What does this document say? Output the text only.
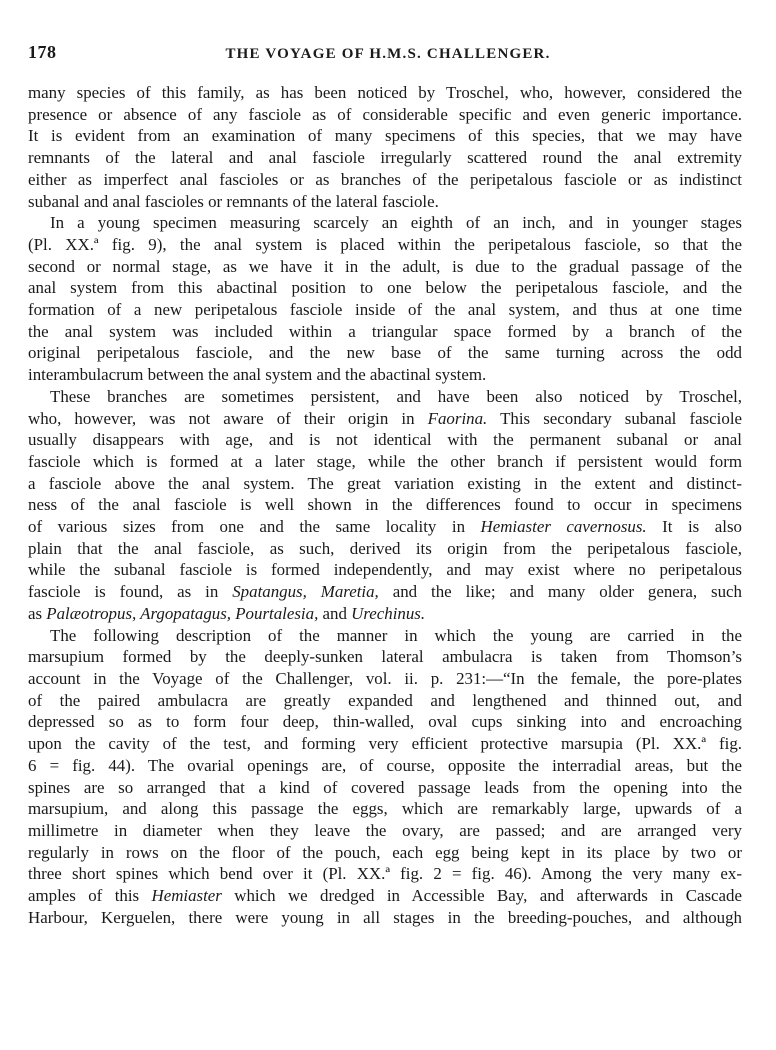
178	THE VOYAGE OF H.M.S. CHALLENGER.
many species of this family, as has been noticed by Troschel, who, however, considered the
presence or absence of any fasciole as of considerable specific and even generic importance.
It is evident from an examination of many specimens of this species, that we may have
remnants of the lateral and anal fasciole irregularly scattered round the anal extremity
either as imperfect anal fascioles or as branches of the peripetalous fasciole or as indistinct
subanal and anal fascioles or remnants of the lateral fasciole.
In a young specimen measuring scarcely an eighth of an inch, and in younger stages
(Pl. XX.ª fig. 9), the anal system is placed within the peripetalous fasciole, so that the
second or normal stage, as we have it in the adult, is due to the gradual passage of the
anal system from this abactinal position to one below the peripetalous fasciole, and the
formation of a new peripetalous fasciole inside of the anal system, and thus at one time
the anal system was included within a triangular space formed by a branch of the
original peripetalous fasciole, and the new base of the same turning across the odd
interambulacrum between the anal system and the abactinal system.
These branches are sometimes persistent, and have been also noticed by Troschel,
who, however, was not aware of their origin in Faorina. This secondary subanal fasciole
usually disappears with age, and is not identical with the permanent subanal or anal
fasciole which is formed at a later stage, while the other branch if persistent would form
a fasciole above the anal system. The great variation existing in the extent and distinct-
ness of the anal fasciole is well shown in the differences found to occur in specimens
of various sizes from one and the same locality in Hemiaster cavernosus. It is also
plain that the anal fasciole, as such, derived its origin from the peripetalous fasciole,
while the subanal fasciole is formed independently, and may exist where no peripetalous
fasciole is found, as in Spatangus, Maretia, and the like; and many older genera, such
as Palæotropus, Argopatagus, Pourtalesia, and Urechinus.
The following description of the manner in which the young are carried in the
marsupium formed by the deeply-sunken lateral ambulacra is taken from Thomson’s
account in the Voyage of the Challenger, vol. ii. p. 231:—“In the female, the pore-plates
of the paired ambulacra are greatly expanded and lengthened and thinned out, and
depressed so as to form four deep, thin-walled, oval cups sinking into and encroaching
upon the cavity of the test, and forming very efficient protective marsupia (Pl. XX.ª fig.
6 = fig. 44). The ovarial openings are, of course, opposite the interradial areas, but the
spines are so arranged that a kind of covered passage leads from the opening into the
marsupium, and along this passage the eggs, which are remarkably large, upwards of a
millimetre in diameter when they leave the ovary, are passed; and are arranged very
regularly in rows on the floor of the pouch, each egg being kept in its place by two or
three short spines which bend over it (Pl. XX.ª fig. 2 = fig. 46). Among the very many ex-
amples of this Hemiaster which we dredged in Accessible Bay, and afterwards in Cascade
Harbour, Kerguelen, there were young in all stages in the breeding-pouches, and although
